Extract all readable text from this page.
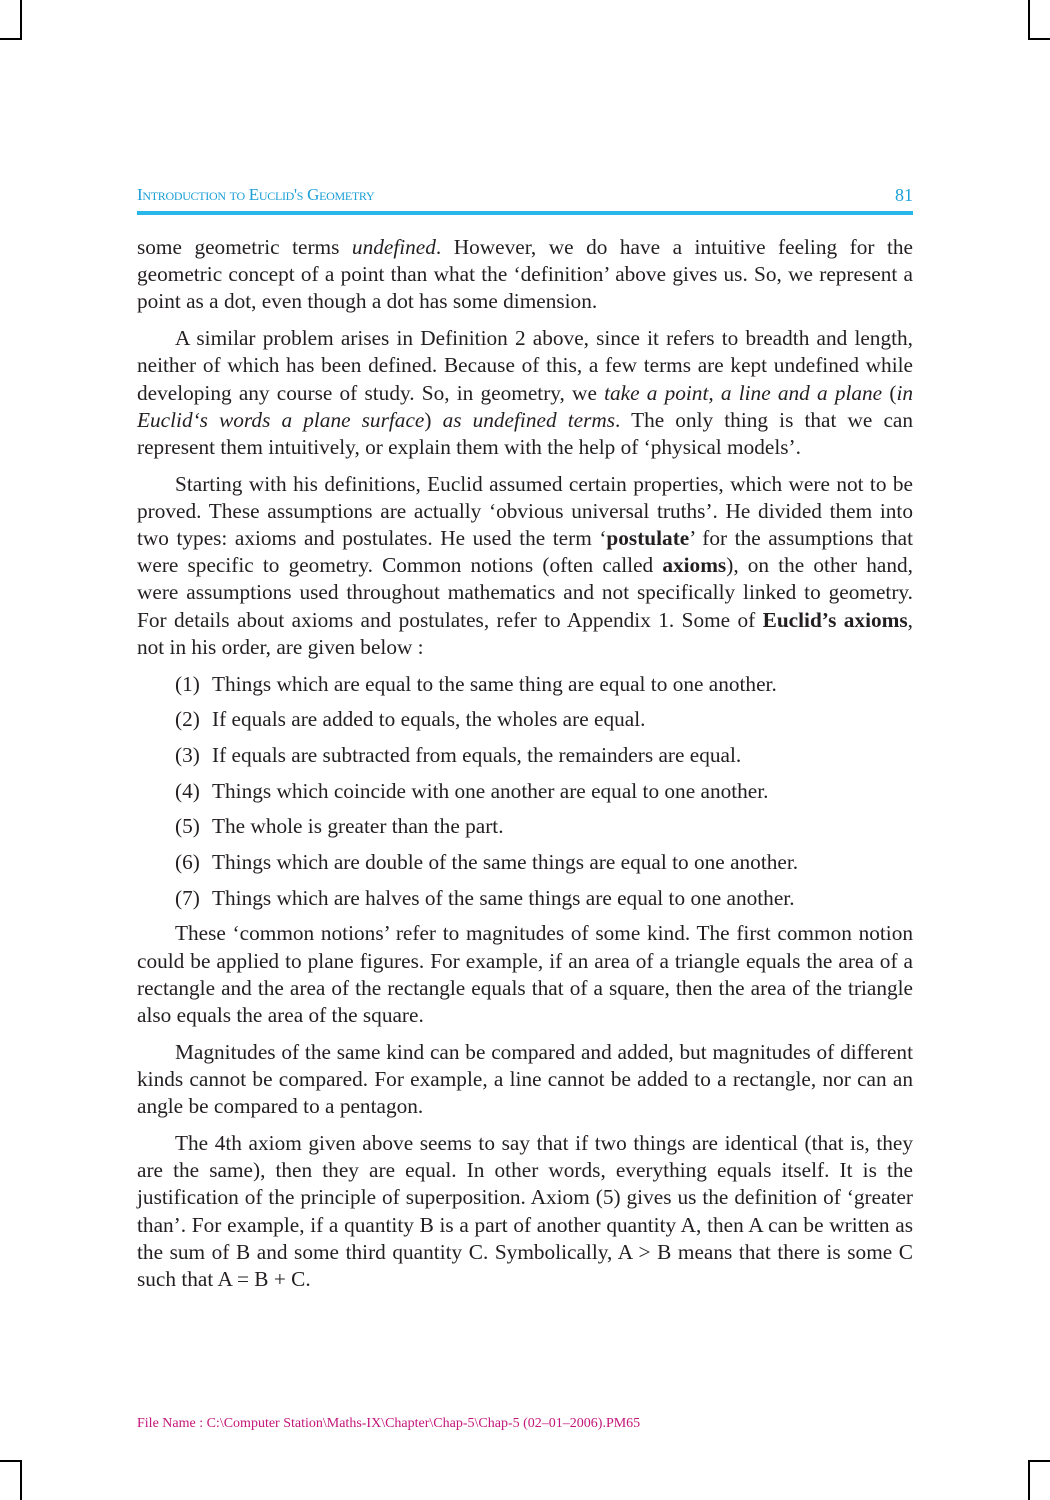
Introduction to Euclid's Geometry	81

some geometric terms undefined. However, we do have a intuitive feeling for the geometric concept of a point than what the ‘definition’ above gives us. So, we represent a point as a dot, even though a dot has some dimension.

A similar problem arises in Definition 2 above, since it refers to breadth and length, neither of which has been defined. Because of this, a few terms are kept undefined while developing any course of study. So, in geometry, we take a point, a line and a plane (in Euclid‘s words a plane surface) as undefined terms. The only thing is that we can represent them intuitively, or explain them with the help of ‘physical models’.

Starting with his definitions, Euclid assumed certain properties, which were not to be proved. These assumptions are actually ‘obvious universal truths’. He divided them into two types: axioms and postulates. He used the term ‘postulate’ for the assumptions that were specific to geometry. Common notions (often called axioms), on the other hand, were assumptions used throughout mathematics and not specifically linked to geometry. For details about axioms and postulates, refer to Appendix 1. Some of Euclid’s axioms, not in his order, are given below :

(1) Things which are equal to the same thing are equal to one another.
(2) If equals are added to equals, the wholes are equal.
(3) If equals are subtracted from equals, the remainders are equal.
(4) Things which coincide with one another are equal to one another.
(5) The whole is greater than the part.
(6) Things which are double of the same things are equal to one another.
(7) Things which are halves of the same things are equal to one another.

These ‘common notions’ refer to magnitudes of some kind. The first common notion could be applied to plane figures. For example, if an area of a triangle equals the area of a rectangle and the area of the rectangle equals that of a square, then the area of the triangle also equals the area of the square.

Magnitudes of the same kind can be compared and added, but magnitudes of different kinds cannot be compared. For example, a line cannot be added to a rectangle, nor can an angle be compared to a pentagon.

The 4th axiom given above seems to say that if two things are identical (that is, they are the same), then they are equal. In other words, everything equals itself. It is the justification of the principle of superposition. Axiom (5) gives us the definition of ‘greater than’. For example, if a quantity B is a part of another quantity A, then A can be written as the sum of B and some third quantity C. Symbolically, A > B means that there is some C such that A = B + C.

File Name : C:\Computer Station\Maths-IX\Chapter\Chap-5\Chap-5 (02–01–2006).PM65
